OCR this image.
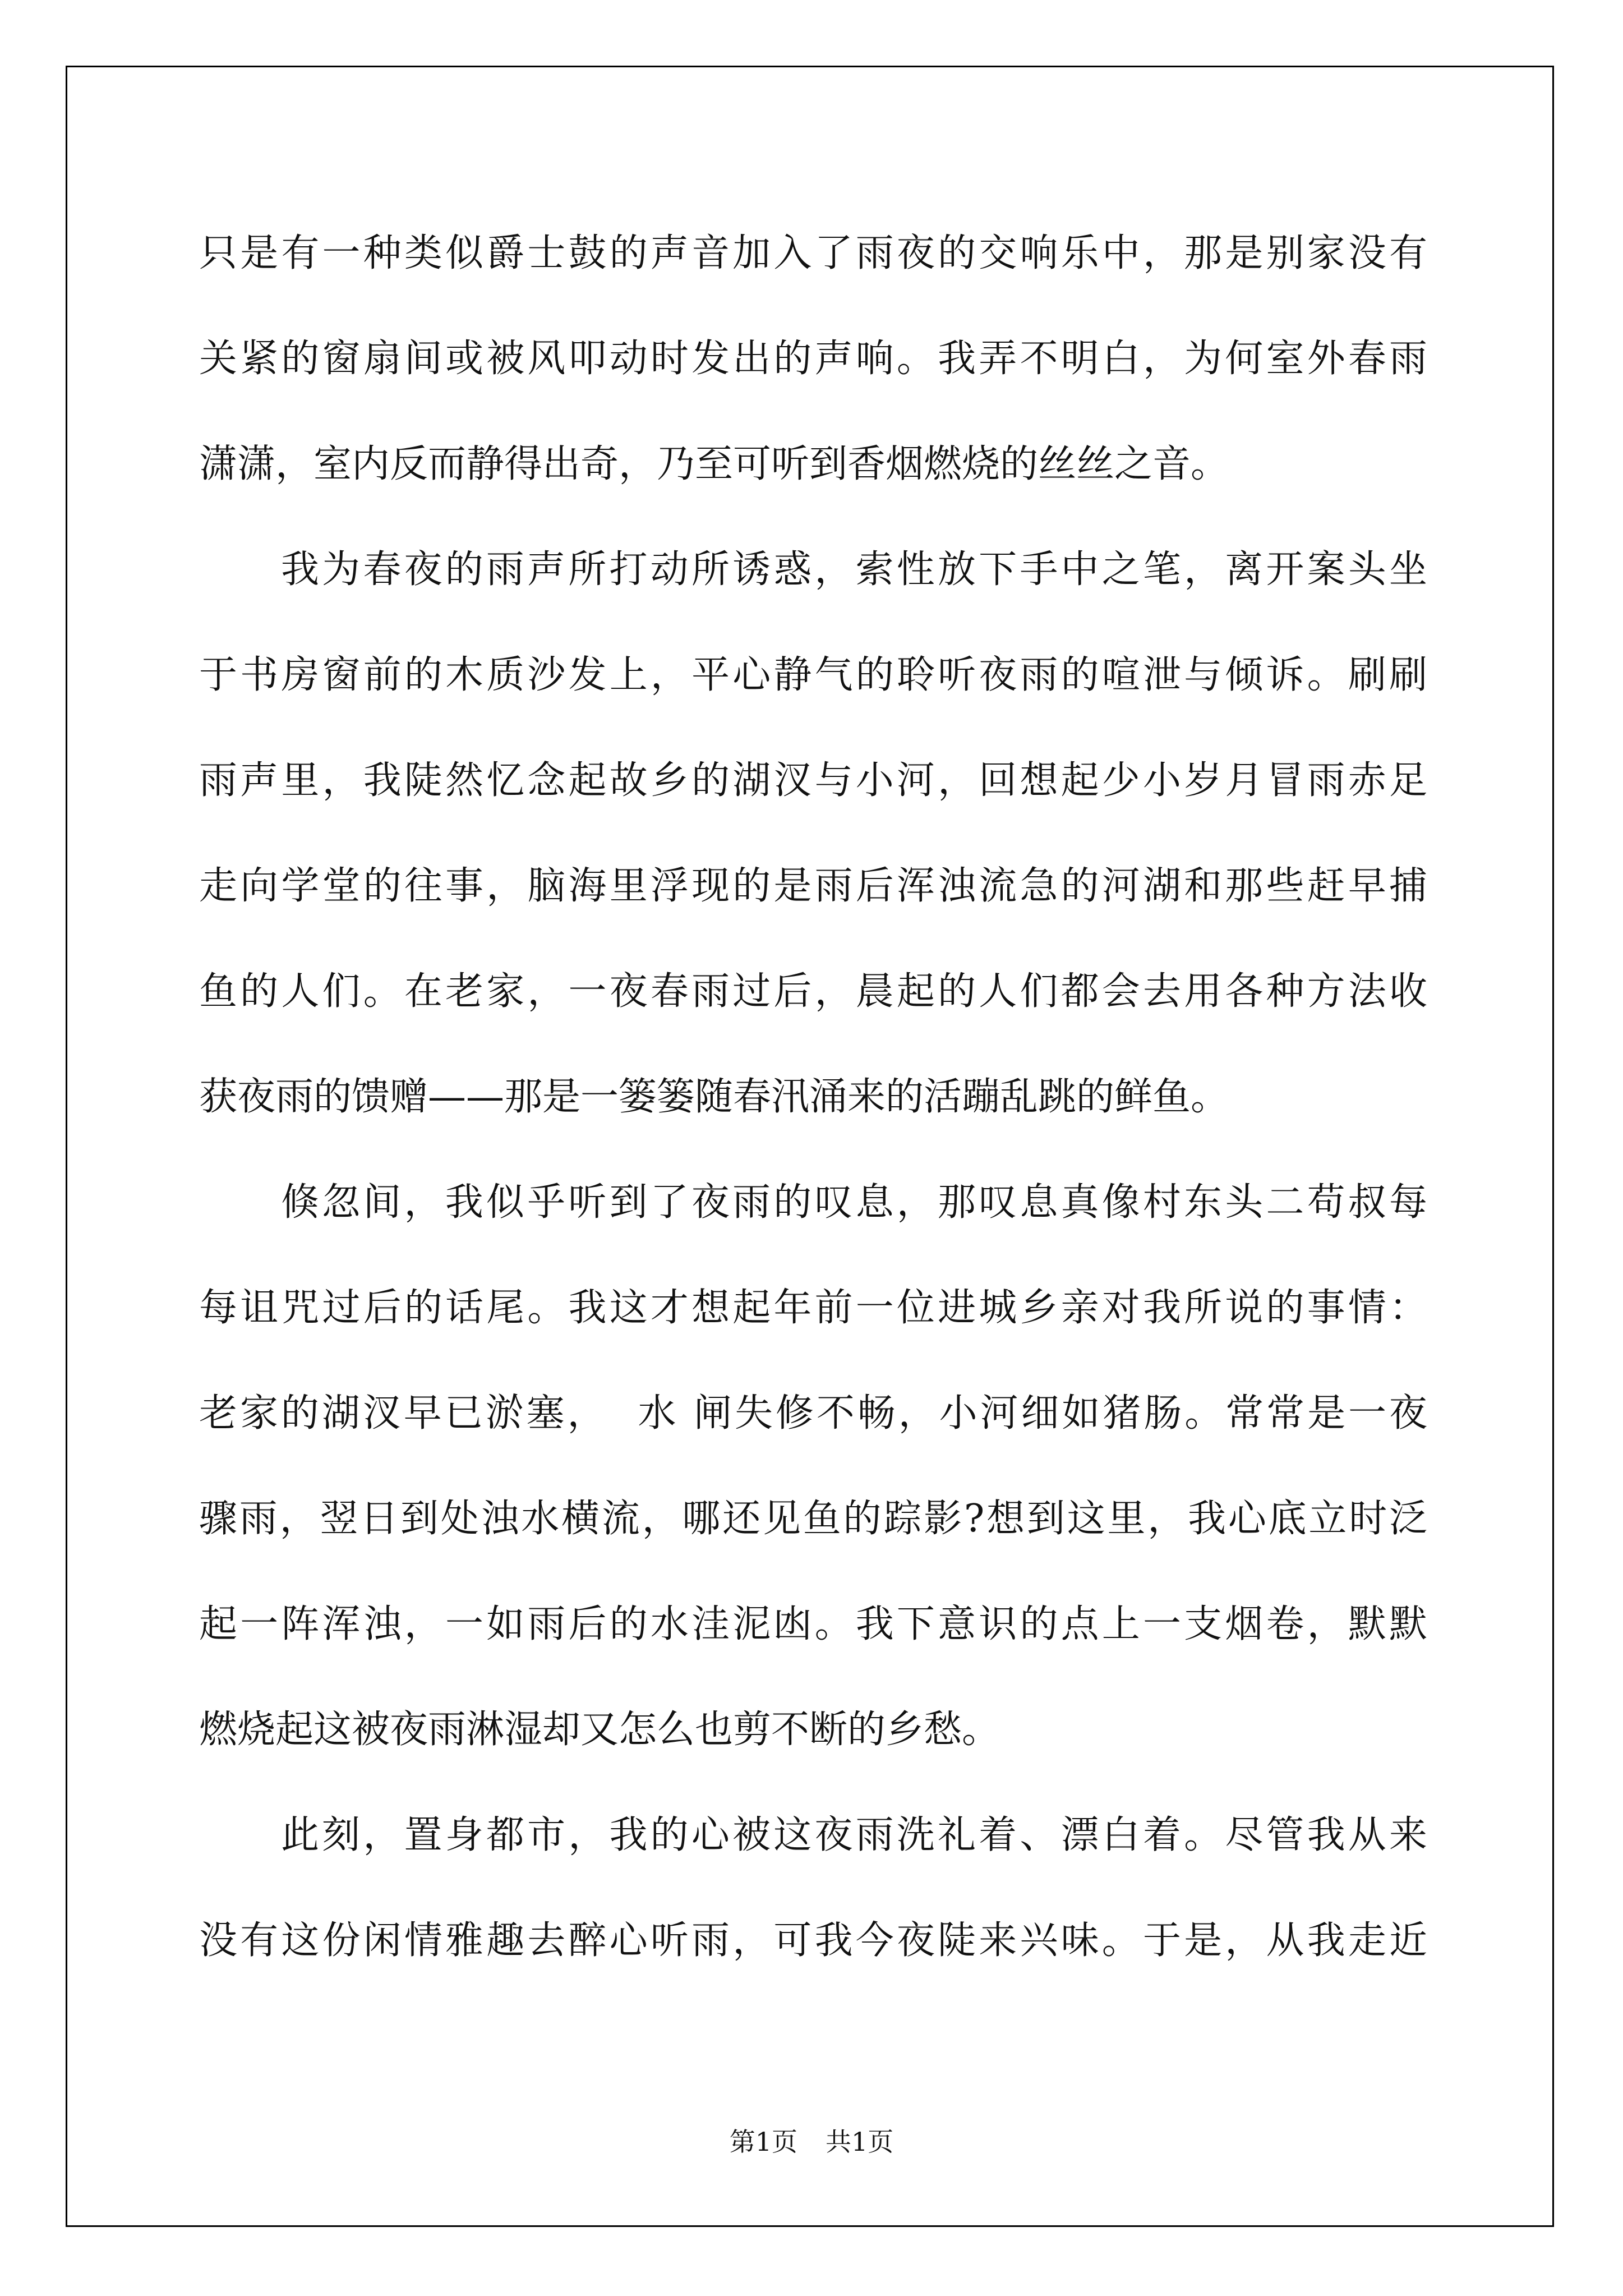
只是有一种类似爵士鼓的声音加入了雨夜的交响乐中，那是别家没有
关紧的窗扇间或被风叩动时发出的声响。我弄不明白，为何室外春雨
潇潇，室内反而静得出奇，乃至可听到香烟燃烧的丝丝之音。
我为春夜的雨声所打动所诱惑，索性放下手中之笔，离开案头坐
于书房窗前的木质沙发上，平心静气的聆听夜雨的喧泄与倾诉。刷刷
雨声里，我陡然忆念起故乡的湖汊与小河，回想起少小岁月冒雨赤足
走向学堂的往事，脑海里浮现的是雨后浑浊流急的河湖和那些赶早捕
鱼的人们。在老家，一夜春雨过后，晨起的人们都会去用各种方法收
获夜雨的馈赠——那是一篓篓随春汛涌来的活蹦乱跳的鲜鱼。
倏忽间，我似乎听到了夜雨的叹息，那叹息真像村东头二苟叔每
每诅咒过后的话尾。我这才想起年前一位进城乡亲对我所说的事情：
老家的湖汊早已淤塞，  水 闸失修不畅，小河细如猪肠。常常是一夜
骤雨，翌日到处浊水横流，哪还见鱼的踪影?想到这里，我心底立时泛
起一阵浑浊，一如雨后的水洼泥凼。我下意识的点上一支烟卷，默默
燃烧起这被夜雨淋湿却又怎么也剪不断的乡愁。
此刻，置身都市，我的心被这夜雨洗礼着、漂白着。尽管我从来
没有这份闲情雅趣去醉心听雨，可我今夜陡来兴味。于是，从我走近
第1页 共1页
